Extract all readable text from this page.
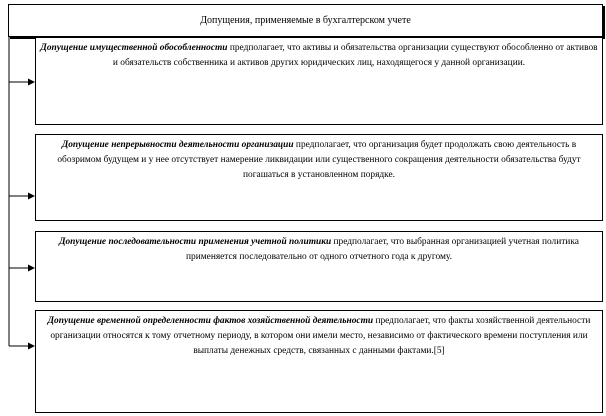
Допущения, применяемые в бухгалтерском учете
Допущение имущественной обособленности предполагает, что активы и обязательства организации существуют обособленно от активов и обязательств собственника и активов других юридических лиц, находящегося у данной организации.
Допущение непрерывности деятельности организации предполагает, что организация будет продолжать свою деятельность в обозримом будущем и у нее отсутствует намерение ликвидации или существенного сокращения деятельности обязательства будут погашаться в установленном порядке.
Допущение последовательности применения учетной политики предполагает, что выбранная организацией учетная политика применяется последовательно от одного отчетного года к другому.
Допущение временной определенности фактов хозяйственной деятельности предполагает, что факты хозяйственной деятельности организации относятся к тому отчетному периоду, в котором они имели место, независимо от фактического времени поступления или выплаты денежных средств, связанных с данными фактами.[5]
